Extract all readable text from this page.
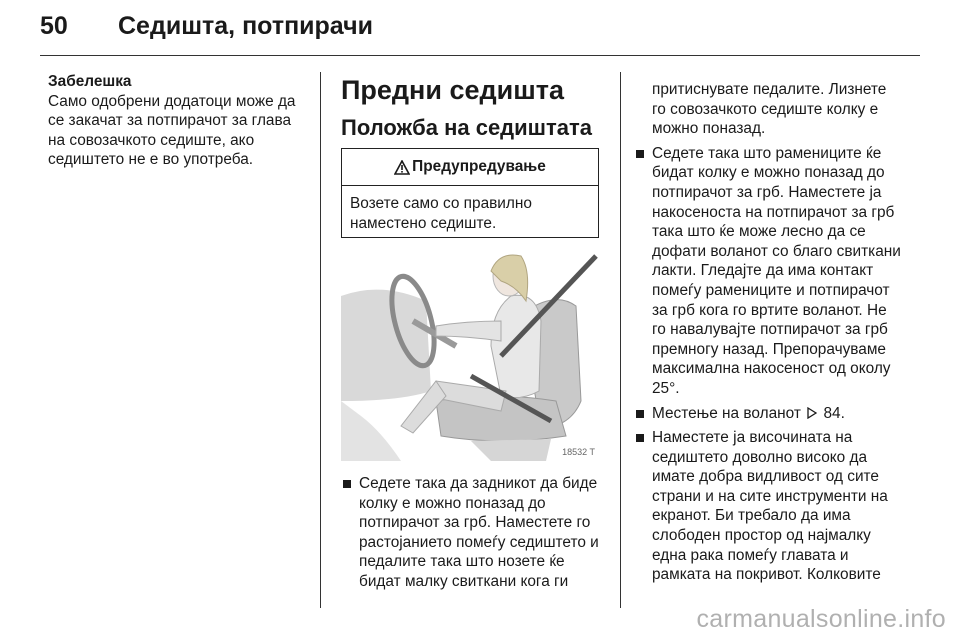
50 Седишта, потпирачи
Забелешка
Само одобрени додатоци може да се закачат за потпирачот за глава на совозачкото седиште, ако седиштето не е во употреба.
Предни седишта
Положба на седиштата
Предупредување
Возете само со правилно наместено седиште.
18532 T

Седете така да задникот да биде колку е можно поназад до потпирачот за грб. Наместете го растојанието помеѓу седиштето и педалите така што нозете ќе бидат малку свиткани кога ги

притиснувате педалите. Лизнете го совозачкото седиште колку е можно поназад.

Седете така што рамениците ќе бидат колку е можно поназад до потпирачот за грб. Наместете ја накосеноста на потпирачот за грб така што ќе може лесно да се дофати воланот со благо свиткани лакти. Гледајте да има контакт помеѓу рамениците и потпирачот за грб кога го вртите воланот. Не го навалувајте потпирачот за грб премногу назад. Препорачуваме максимална накосеност од околу 25°.

Местење на воланот 84.

Наместете ја височината на седиштето доволно високо да имате добра видливост од сите страни и на сите инструменти на екранот. Би требало да има слободен простор од најмалку една рака помеѓу главата и рамката на покривот. Колковите

carmanualsonline.info
